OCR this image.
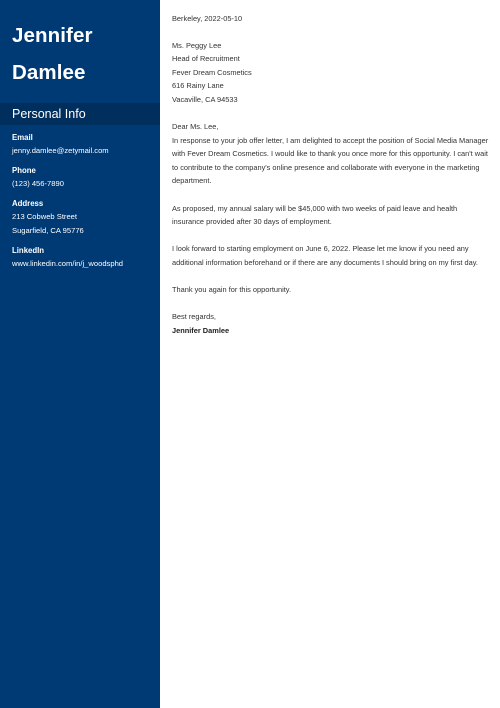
Jennifer
Damlee
Personal Info
Email
jenny.damlee@zetymail.com
Phone
(123) 456-7890
Address
213 Cobweb Street
Sugarfield, CA 95776
LinkedIn
www.linkedin.com/in/j_woodsphd

Berkeley, 2022-05-10

Ms. Peggy Lee
Head of Recruitment
Fever Dream Cosmetics
616 Rainy Lane
Vacaville, CA 94533

Dear Ms. Lee,

In response to your job offer letter, I am delighted to accept the position of Social Media Manager with Fever Dream Cosmetics. I would like to thank you once more for this opportunity. I can't wait to contribute to the company's online presence and collaborate with everyone in the marketing department.

As proposed, my annual salary will be $45,000 with two weeks of paid leave and health insurance provided after 30 days of employment.

I look forward to starting employment on June 6, 2022. Please let me know if you need any additional information beforehand or if there are any documents I should bring on my first day.

Thank you again for this opportunity.

Best regards,
Jennifer Damlee
